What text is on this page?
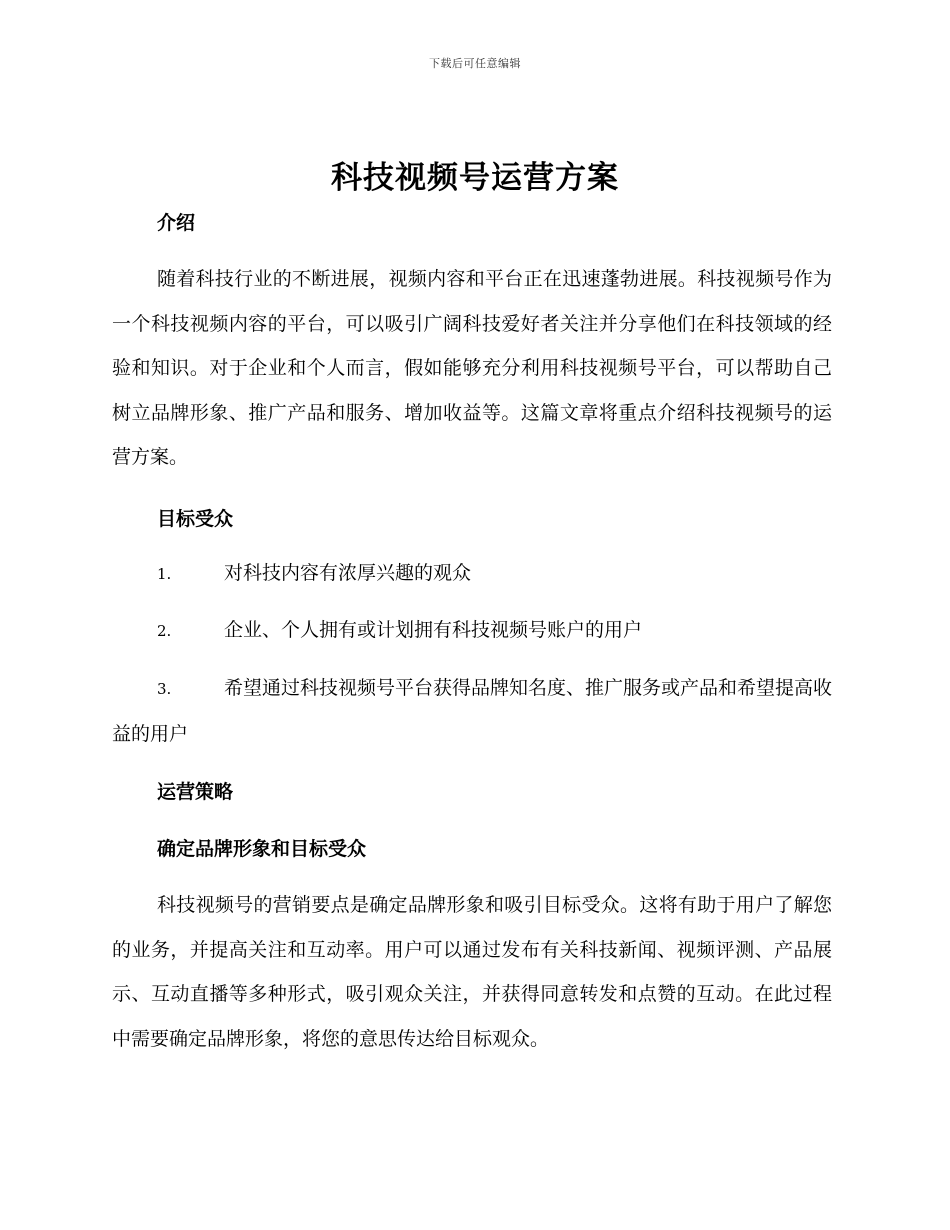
下载后可任意编辑
科技视频号运营方案
介绍
随着科技行业的不断进展，视频内容和平台正在迅速蓬勃进展。科技视频号作为一个科技视频内容的平台，可以吸引广阔科技爱好者关注并分享他们在科技领域的经验和知识。对于企业和个人而言，假如能够充分利用科技视频号平台，可以帮助自己树立品牌形象、推广产品和服务、增加收益等。这篇文章将重点介绍科技视频号的运营方案。
目标受众
1.	对科技内容有浓厚兴趣的观众
2.	企业、个人拥有或计划拥有科技视频号账户的用户
3.	希望通过科技视频号平台获得品牌知名度、推广服务或产品和希望提高收益的用户
运营策略
确定品牌形象和目标受众
科技视频号的营销要点是确定品牌形象和吸引目标受众。这将有助于用户了解您的业务，并提高关注和互动率。用户可以通过发布有关科技新闻、视频评测、产品展示、互动直播等多种形式，吸引观众关注，并获得同意转发和点赞的互动。在此过程中需要确定品牌形象，将您的意思传达给目标观众。
